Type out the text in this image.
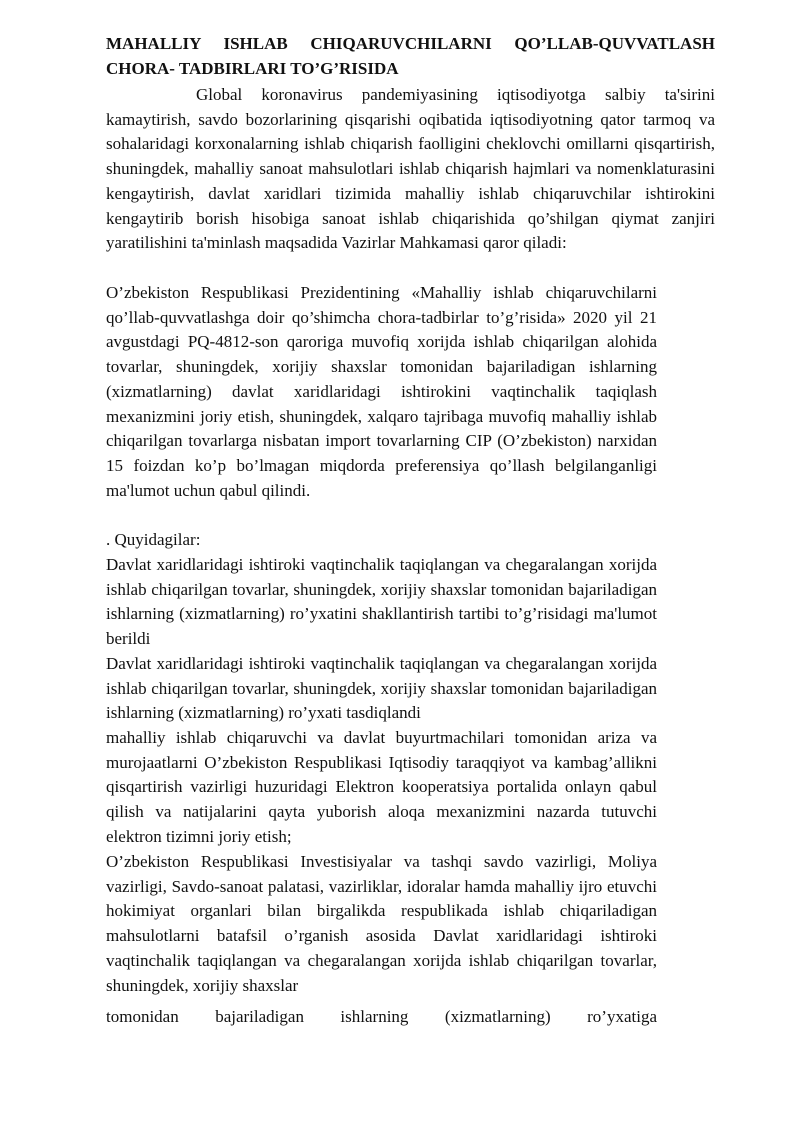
MAHALLIY ISHLAB CHIQARUVCHILARNI QO’LLAB-QUVVATLASH CHORA- TADBIRLARI TO’G’RISIDA
Global koronavirus pandemiyasining iqtisodiyotga salbiy ta'sirini kamaytirish, savdo bozorlarining qisqarishi oqibatida iqtisodiyotning qator tarmoq va sohalaridagi korxonalarning ishlab chiqarish faolligini cheklovchi omillarni qisqartirish, shuningdek, mahalliy sanoat mahsulotlari ishlab chiqarish hajmlari va nomenklaturasini kengaytirish, davlat xaridlari tizimida mahalliy ishlab chiqaruvchilar ishtirokini kengaytirib borish hisobiga sanoat ishlab chiqarishida qo’shilgan qiymat zanjiri yaratilishini ta'minlash maqsadida Vazirlar Mahkamasi qaror qiladi:
O’zbekiston Respublikasi Prezidentining «Mahalliy ishlab chiqaruvchilarni qo’llab-quvvatlashga doir qo’shimcha chora-tadbirlar to’g’risida» 2020 yil 21 avgustdagi PQ-4812-son qaroriga muvofiq xorijda ishlab chiqarilgan alohida tovarlar, shuningdek, xorijiy shaxslar tomonidan bajariladigan ishlarning (xizmatlarning) davlat xaridlaridagi ishtirokini vaqtinchalik taqiqlash mexanizmini joriy etish, shuningdek, xalqaro tajribaga muvofiq mahalliy ishlab chiqarilgan tovarlarga nisbatan import tovarlarning CIP (O’zbekiston) narxidan 15 foizdan ko’p bo’lmagan miqdorda preferensiya qo’llash belgilanganligi ma'lumot uchun qabul qilindi.
. Quyidagilar:
Davlat xaridlaridagi ishtiroki vaqtinchalik taqiqlangan va chegaralangan xorijda ishlab chiqarilgan tovarlar, shuningdek, xorijiy shaxslar tomonidan bajariladigan ishlarning (xizmatlarning) ro’yxatini shakllantirish tartibi to’g’risidagi ma'lumot berildi
Davlat xaridlaridagi ishtiroki vaqtinchalik taqiqlangan va chegaralangan xorijda ishlab chiqarilgan tovarlar, shuningdek, xorijiy shaxslar tomonidan bajariladigan ishlarning (xizmatlarning) ro’yxati tasdiqlandi
mahalliy ishlab chiqaruvchi va davlat buyurtmachilari tomonidan ariza va murojaatlarni O’zbekiston Respublikasi Iqtisodiy taraqqiyot va kambag’allikni qisqartirish vazirligi huzuridagi Elektron kooperatsiya portalida onlayn qabul qilish va natijalarini qayta yuborish aloqa mexanizmini nazarda tutuvchi elektron tizimni joriy etish;
O’zbekiston Respublikasi Investisiyalar va tashqi savdo vazirligi, Moliya vazirligi, Savdo-sanoat palatasi, vazirliklar, idoralar hamda mahalliy ijro etuvchi hokimiyat organlari bilan birgalikda respublikada ishlab chiqariladigan mahsulotlarni batafsil o’rganish asosida Davlat xaridlaridagi ishtiroki vaqtinchalik taqiqlangan va chegaralangan xorijda ishlab chiqarilgan tovarlar, shuningdek, xorijiy shaxslar
tomonidan bajariladigan ishlarning (xizmatlarning) ro’yxatiga
